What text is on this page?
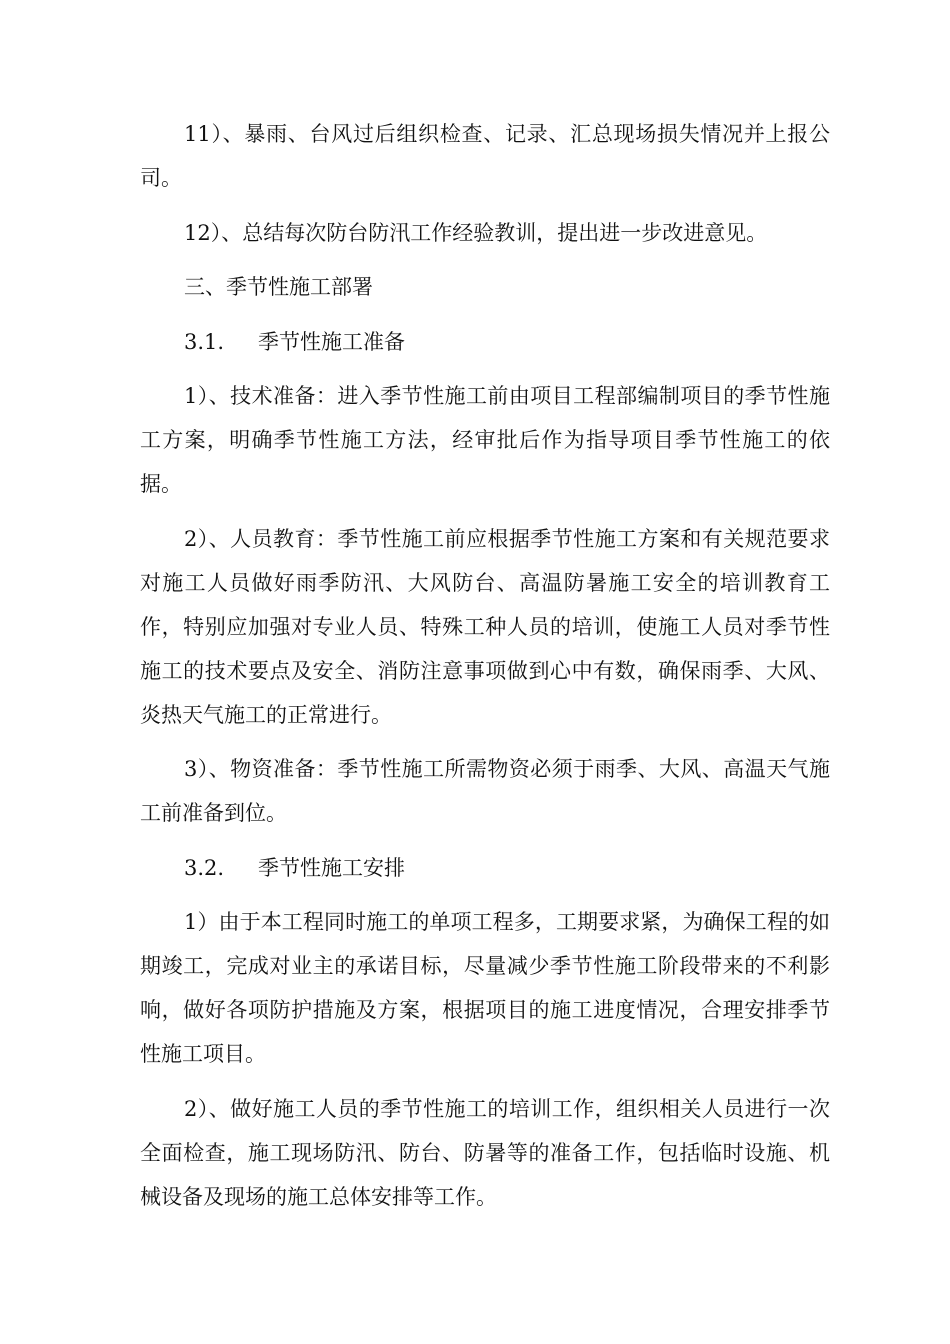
11）、暴雨、台风过后组织检查、记录、汇总现场损失情况并上报公司。

12）、总结每次防台防汛工作经验教训，提出进一步改进意见。

三、季节性施工部署

3.1. 季节性施工准备

1）、技术准备：进入季节性施工前由项目工程部编制项目的季节性施工方案，明确季节性施工方法，经审批后作为指导项目季节性施工的依据。

2）、人员教育：季节性施工前应根据季节性施工方案和有关规范要求对施工人员做好雨季防汛、大风防台、高温防暑施工安全的培训教育工作，特别应加强对专业人员、特殊工种人员的培训，使施工人员对季节性施工的技术要点及安全、消防注意事项做到心中有数，确保雨季、大风、炎热天气施工的正常进行。

3）、物资准备：季节性施工所需物资必须于雨季、大风、高温天气施工前准备到位。

3.2. 季节性施工安排

1）由于本工程同时施工的单项工程多，工期要求紧，为确保工程的如期竣工，完成对业主的承诺目标，尽量减少季节性施工阶段带来的不利影响，做好各项防护措施及方案，根据项目的施工进度情况，合理安排季节性施工项目。

2）、做好施工人员的季节性施工的培训工作，组织相关人员进行一次全面检查，施工现场防汛、防台、防暑等的准备工作，包括临时设施、机械设备及现场的施工总体安排等工作。
